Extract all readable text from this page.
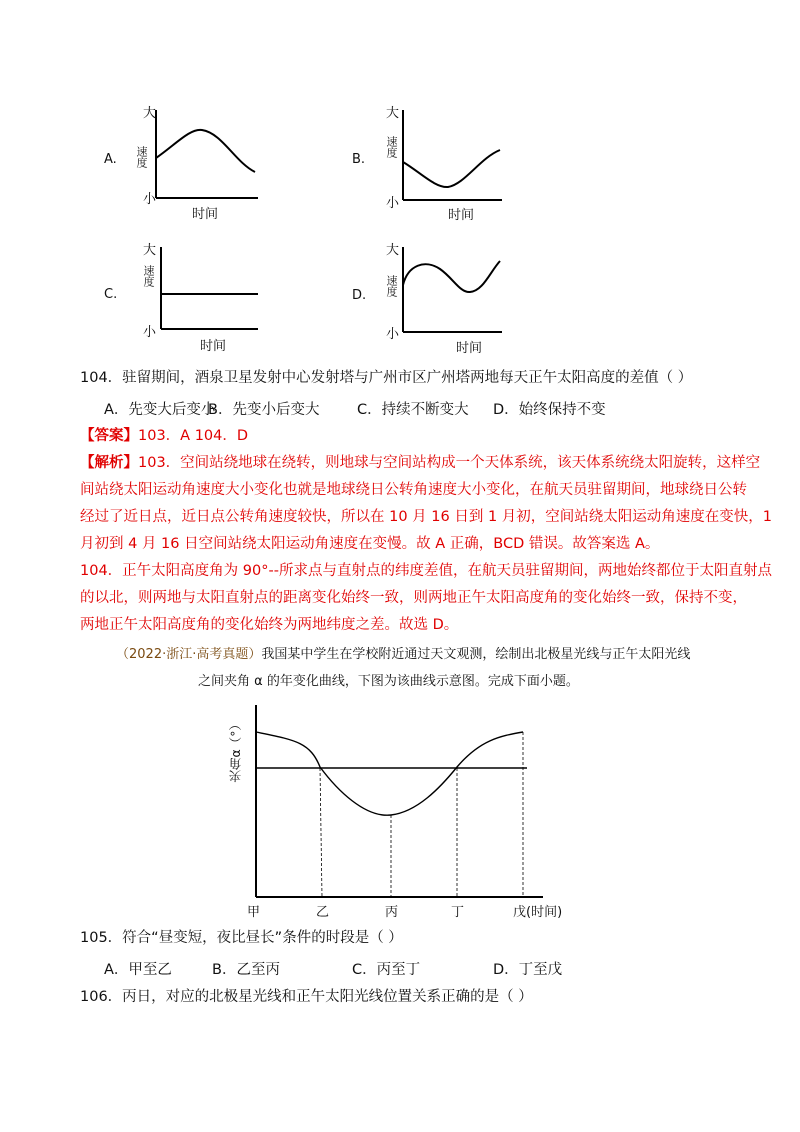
A.
大
小
速度
时间
B.
大
小
速度
时间
C.
大
小
速度
时间
D.
大
小
速度
时间
104．驻留期间，酒泉卫星发射中心发射塔与广州市区广州塔两地每天正午太阳高度的差值（ ）
A．先变大后变小
B．先变小后变大	C．持续不断变大 D．始终保持不变
【答案】103．A 104．D
【解析】103．空间站绕地球在绕转，则地球与空间站构成一个天体系统，该天体系统绕太阳旋转，这样空
间站绕太阳运动角速度大小变化也就是地球绕日公转角速度大小变化，在航天员驻留期间，地球绕日公转
经过了近日点，近日点公转角速度较快，所以在 10 月 16 日到 1 月初，空间站绕太阳运动角速度在变快，1
月初到 4 月 16 日空间站绕太阳运动角速度在变慢。故 A 正确，BCD 错误。故答案选 A。
104．正午太阳高度角为 90°--所求点与直射点的纬度差值，在航天员驻留期间，两地始终都位于太阳直射点
的以北，则两地与太阳直射点的距离变化始终一致，则两地正午太阳高度角的变化始终一致，保持不变，
两地正午太阳高度角的变化始终为两地纬度之差。故选 D。
（2022·浙江·高考真题）我国某中学生在学校附近通过天文观测，绘制出北极星光线与正午太阳光线
之间夹角 α 的年变化曲线，下图为该曲线示意图。完成下面小题。
夹角α（°）
甲	乙	丙	丁	戊(时间)
105．符合“昼变短，夜比昼长”条件的时段是（ ）
A．甲至乙	B．乙至丙	C．丙至丁	D．丁至戊
106．丙日，对应的北极星光线和正午太阳光线位置关系正确的是（ ）
